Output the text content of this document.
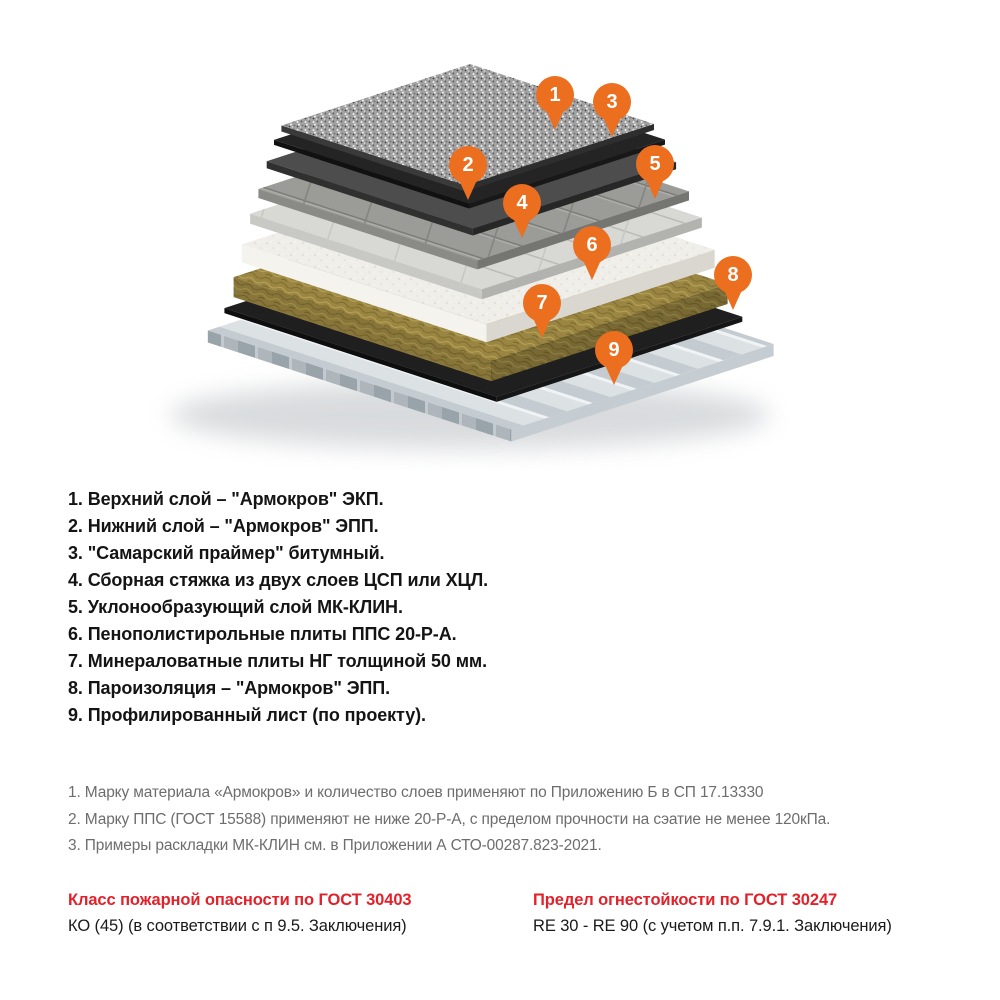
1
2
3
4
5
6
7
8
9
1. Верхний слой – "Армокров" ЭКП.
2. Нижний слой – "Армокров" ЭПП.
3. "Самарский праймер" битумный.
4. Сборная стяжка из двух слоев ЦСП или ХЦЛ.
5. Уклонообразующий слой МК-КЛИН.
6. Пенополистирольные плиты ППС 20-Р-А.
7. Минераловатные плиты НГ толщиной 50 мм.
8. Пароизоляция – "Армокров" ЭПП.
9. Профилированный лист (по проекту).
1. Марку материала «Армокров» и количество слоев применяют по Приложению Б в СП 17.13330
2. Марку ППС (ГОСТ 15588) применяют не ниже 20-Р-А, с пределом прочности на сэатие не менее 120кПа.
3. Примеры раскладки МК-КЛИН см. в Приложении А СТО-00287.823-2021.

Класс пожарной опасности по ГОСТ 30403

КО (45) (в соответствии с п 9.5. Заключения)

Предел огнестойкости по ГОСТ 30247

RE 30 - RE 90 (с учетом п.п. 7.9.1. Заключения)
